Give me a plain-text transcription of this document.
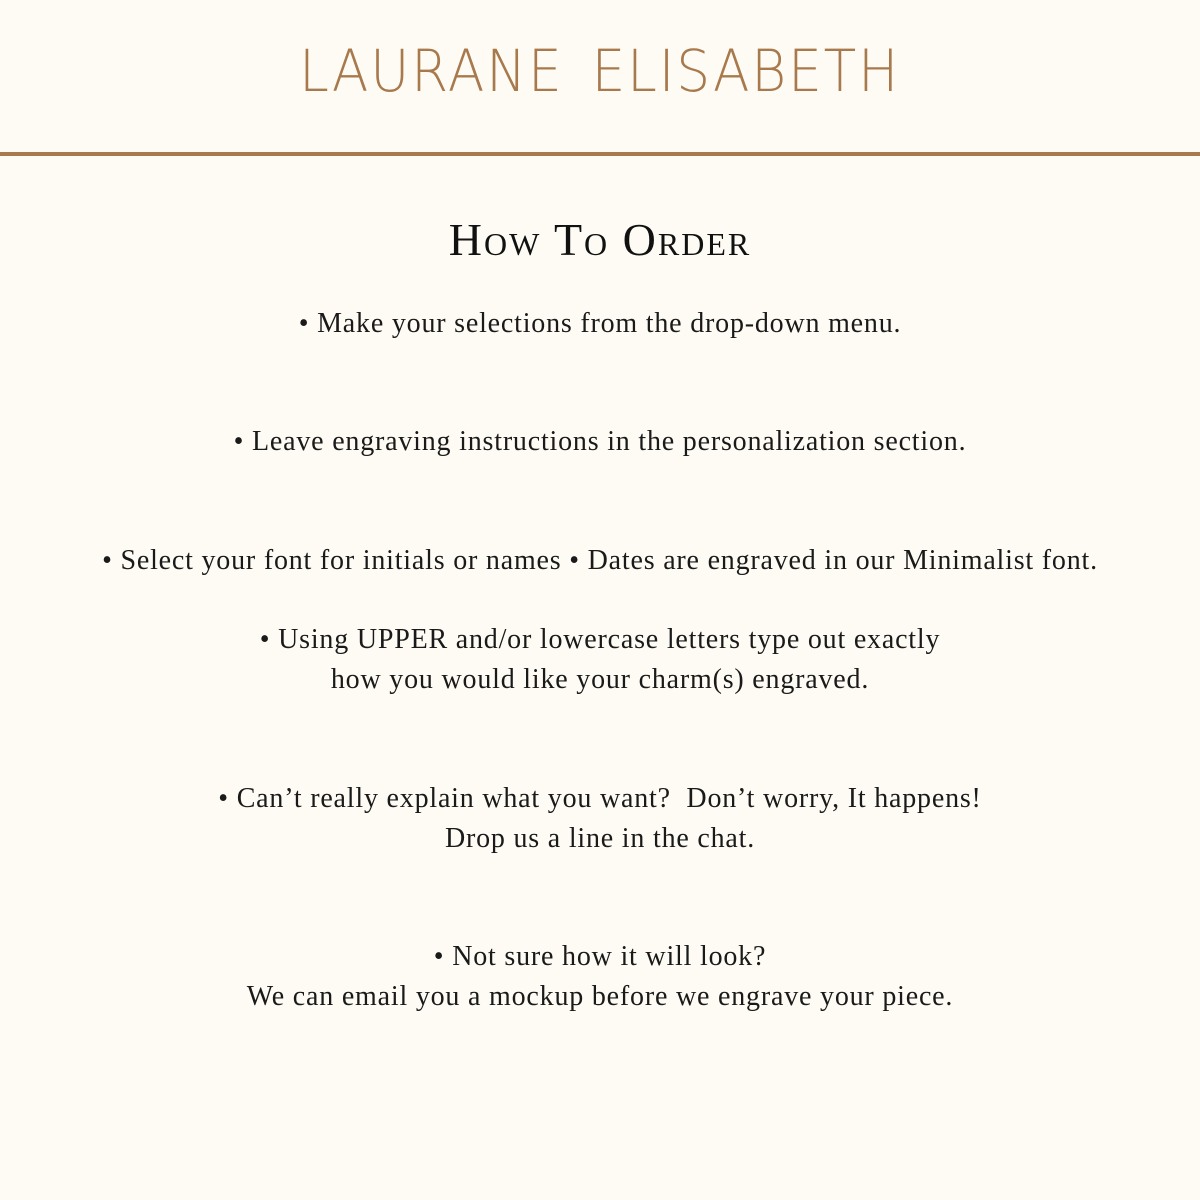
LAURANE ELISABETH
How To Order
• Make your selections from the drop-down menu.
• Leave engraving instructions in the personalization section.
• Select your font for initials or names • Dates are engraved in our Minimalist font.
• Using UPPER and/or lowercase letters type out exactly
how you would like your charm(s) engraved.
• Can’t really explain what you want?  Don’t worry, It happens!
Drop us a line in the chat.
• Not sure how it will look?
We can email you a mockup before we engrave your piece.
